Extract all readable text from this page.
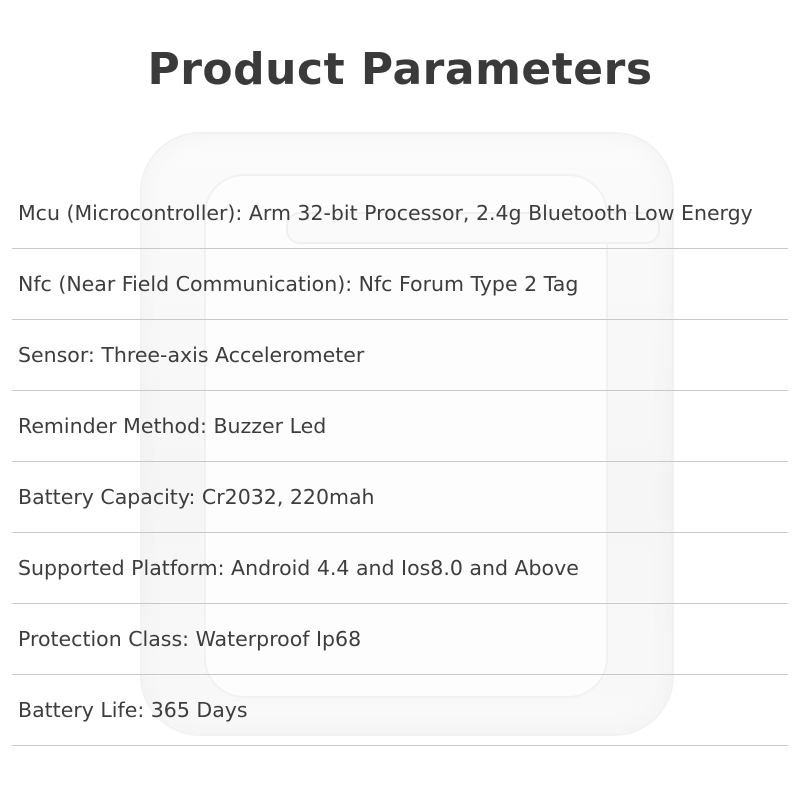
Product Parameters
Mcu (Microcontroller): Arm 32-bit Processor, 2.4g Bluetooth Low Energy
Nfc (Near Field Communication): Nfc Forum Type 2 Tag
Sensor: Three-axis Accelerometer
Reminder Method: Buzzer Led
Battery Capacity: Cr2032, 220mah
Supported Platform: Android 4.4 and Ios8.0 and Above
Protection Class: Waterproof Ip68
Battery Life: 365 Days
